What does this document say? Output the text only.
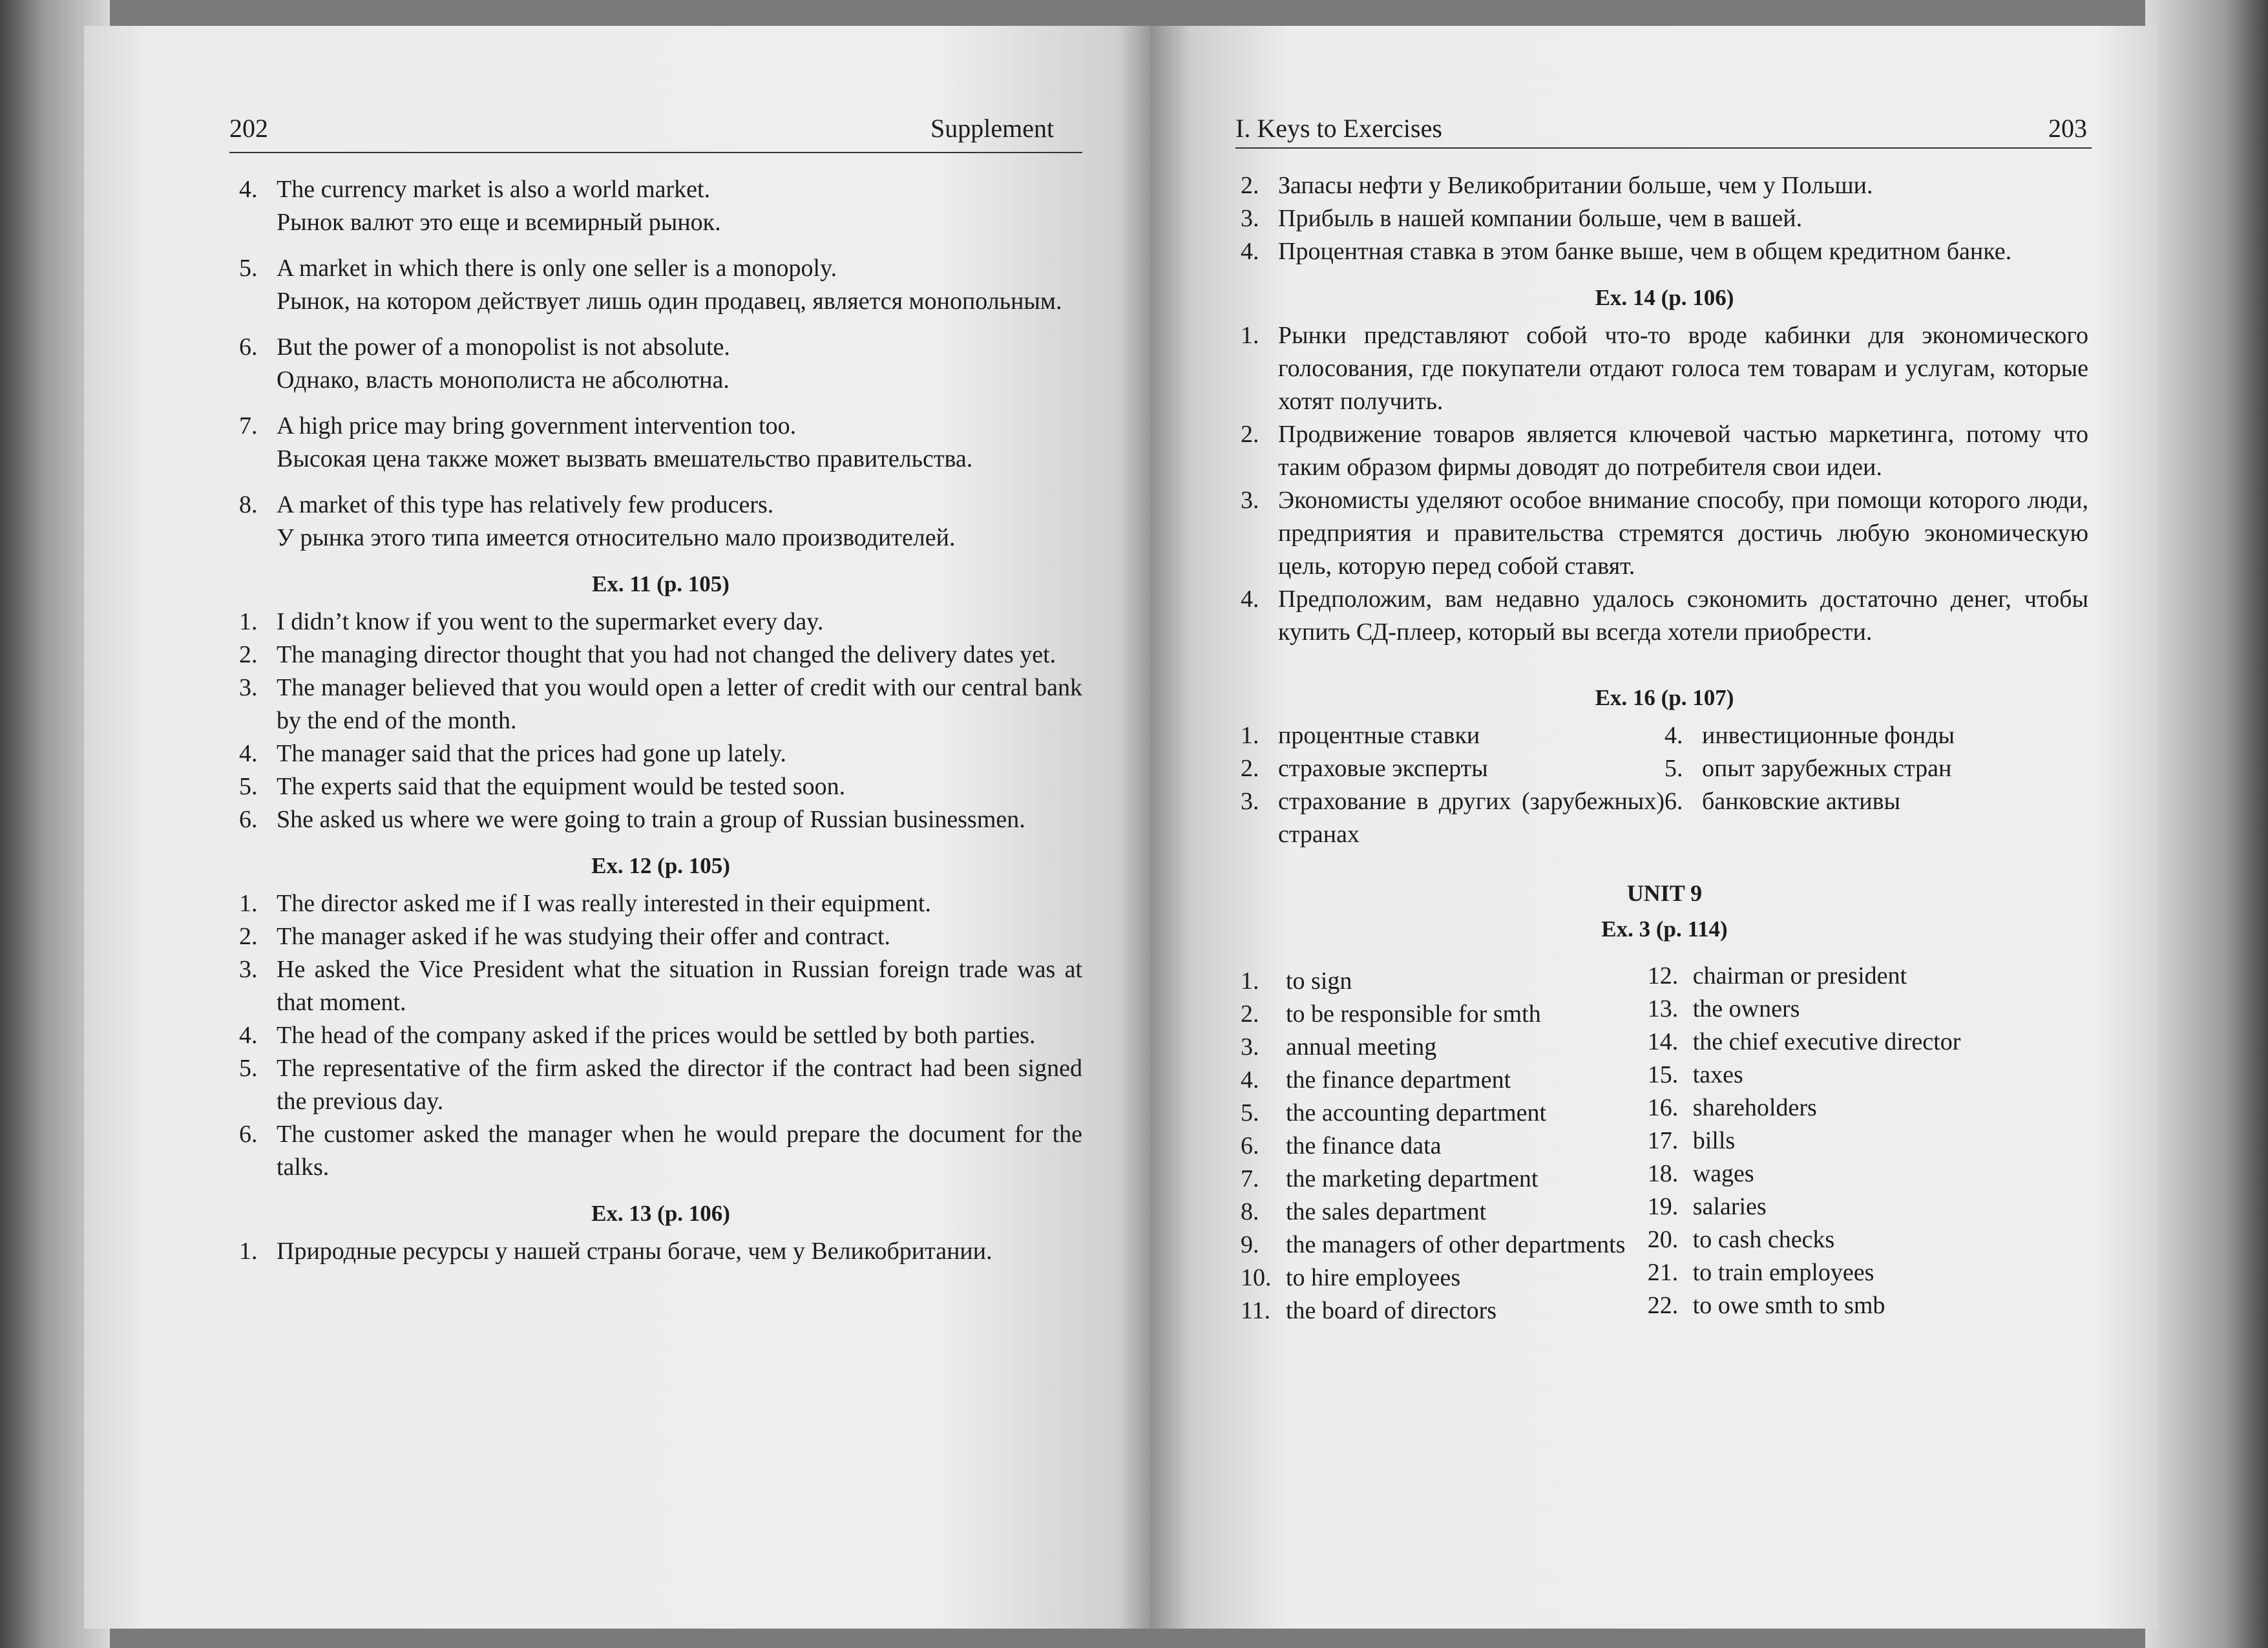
202	Supplement
4. The currency market is also a world market.

Рынок валют это еще и всемирный рынок.

5. A market in which there is only one seller is a monopoly.

Рынок, на котором действует лишь один продавец, является монопольным.

6. But the power of a monopolist is not absolute.

Однако, власть монополиста не абсолютна.

7. A high price may bring government intervention too.

Высокая цена также может вызвать вмешательство правительства.

8. A market of this type has relatively few producers.

У рынка этого типа имеется относительно мало производителей.

Ex. 11 (p. 105)

1. I didn’t know if you went to the supermarket every day.
2. The managing director thought that you had not changed the delivery dates yet.
3. The manager believed that you would open a letter of credit with our central bank by the end of the month.
4. The manager said that the prices had gone up lately.
5. The experts said that the equipment would be tested soon.
6. She asked us where we were going to train a group of Russian businessmen.

Ex. 12 (p. 105)

1. The director asked me if I was really interested in their equipment.
2. The manager asked if he was studying their offer and contract.
3. He asked the Vice President what the situation in Russian foreign trade was at that moment.
4. The head of the company asked if the prices would be settled by both parties.
5. The representative of the firm asked the director if the contract had been signed the previous day.
6. The customer asked the manager when he would prepare the document for the talks.

Ex. 13 (p. 106)

1. Природные ресурсы у нашей страны богаче, чем у Великобритании.
I. Keys to Exercises	203
2. Запасы нефти у Великобритании больше, чем у Польши.
3. Прибыль в нашей компании больше, чем в вашей.
4. Процентная ставка в этом банке выше, чем в общем кредитном банке.

Ex. 14 (p. 106)

1. Рынки представляют собой что-то вроде кабинки для экономического голосования, где покупатели отдают голоса тем товарам и услугам, которые хотят получить.
2. Продвижение товаров является ключевой частью маркетинга, потому что таким образом фирмы доводят до потребителя свои идеи.
3. Экономисты уделяют особое внимание способу, при помощи которого люди, предприятия и правительства стремятся достичь любую экономическую цель, которую перед собой ставят.
4. Предположим, вам недавно удалось сэкономить достаточно денег, чтобы купить СД-плеер, который вы всегда хотели приобрести.

Ex. 16 (p. 107)

1. процентные ставки
2. страховые эксперты
3. страхование в других (зарубежных) странах
4. инвестиционные фонды
5. опыт зарубежных стран
6. банковские активы

UNIT 9

Ex. 3 (p. 114)

1. to sign
2. to be responsible for smth
3. annual meeting
4. the finance department
5. the accounting department
6. the finance data
7. the marketing department
8. the sales department
9. the managers of other departments
10. to hire employees
11. the board of directors
12. chairman or president
13. the owners
14. the chief executive director
15. taxes
16. shareholders
17. bills
18. wages
19. salaries
20. to cash checks
21. to train employees
22. to owe smth to smb
